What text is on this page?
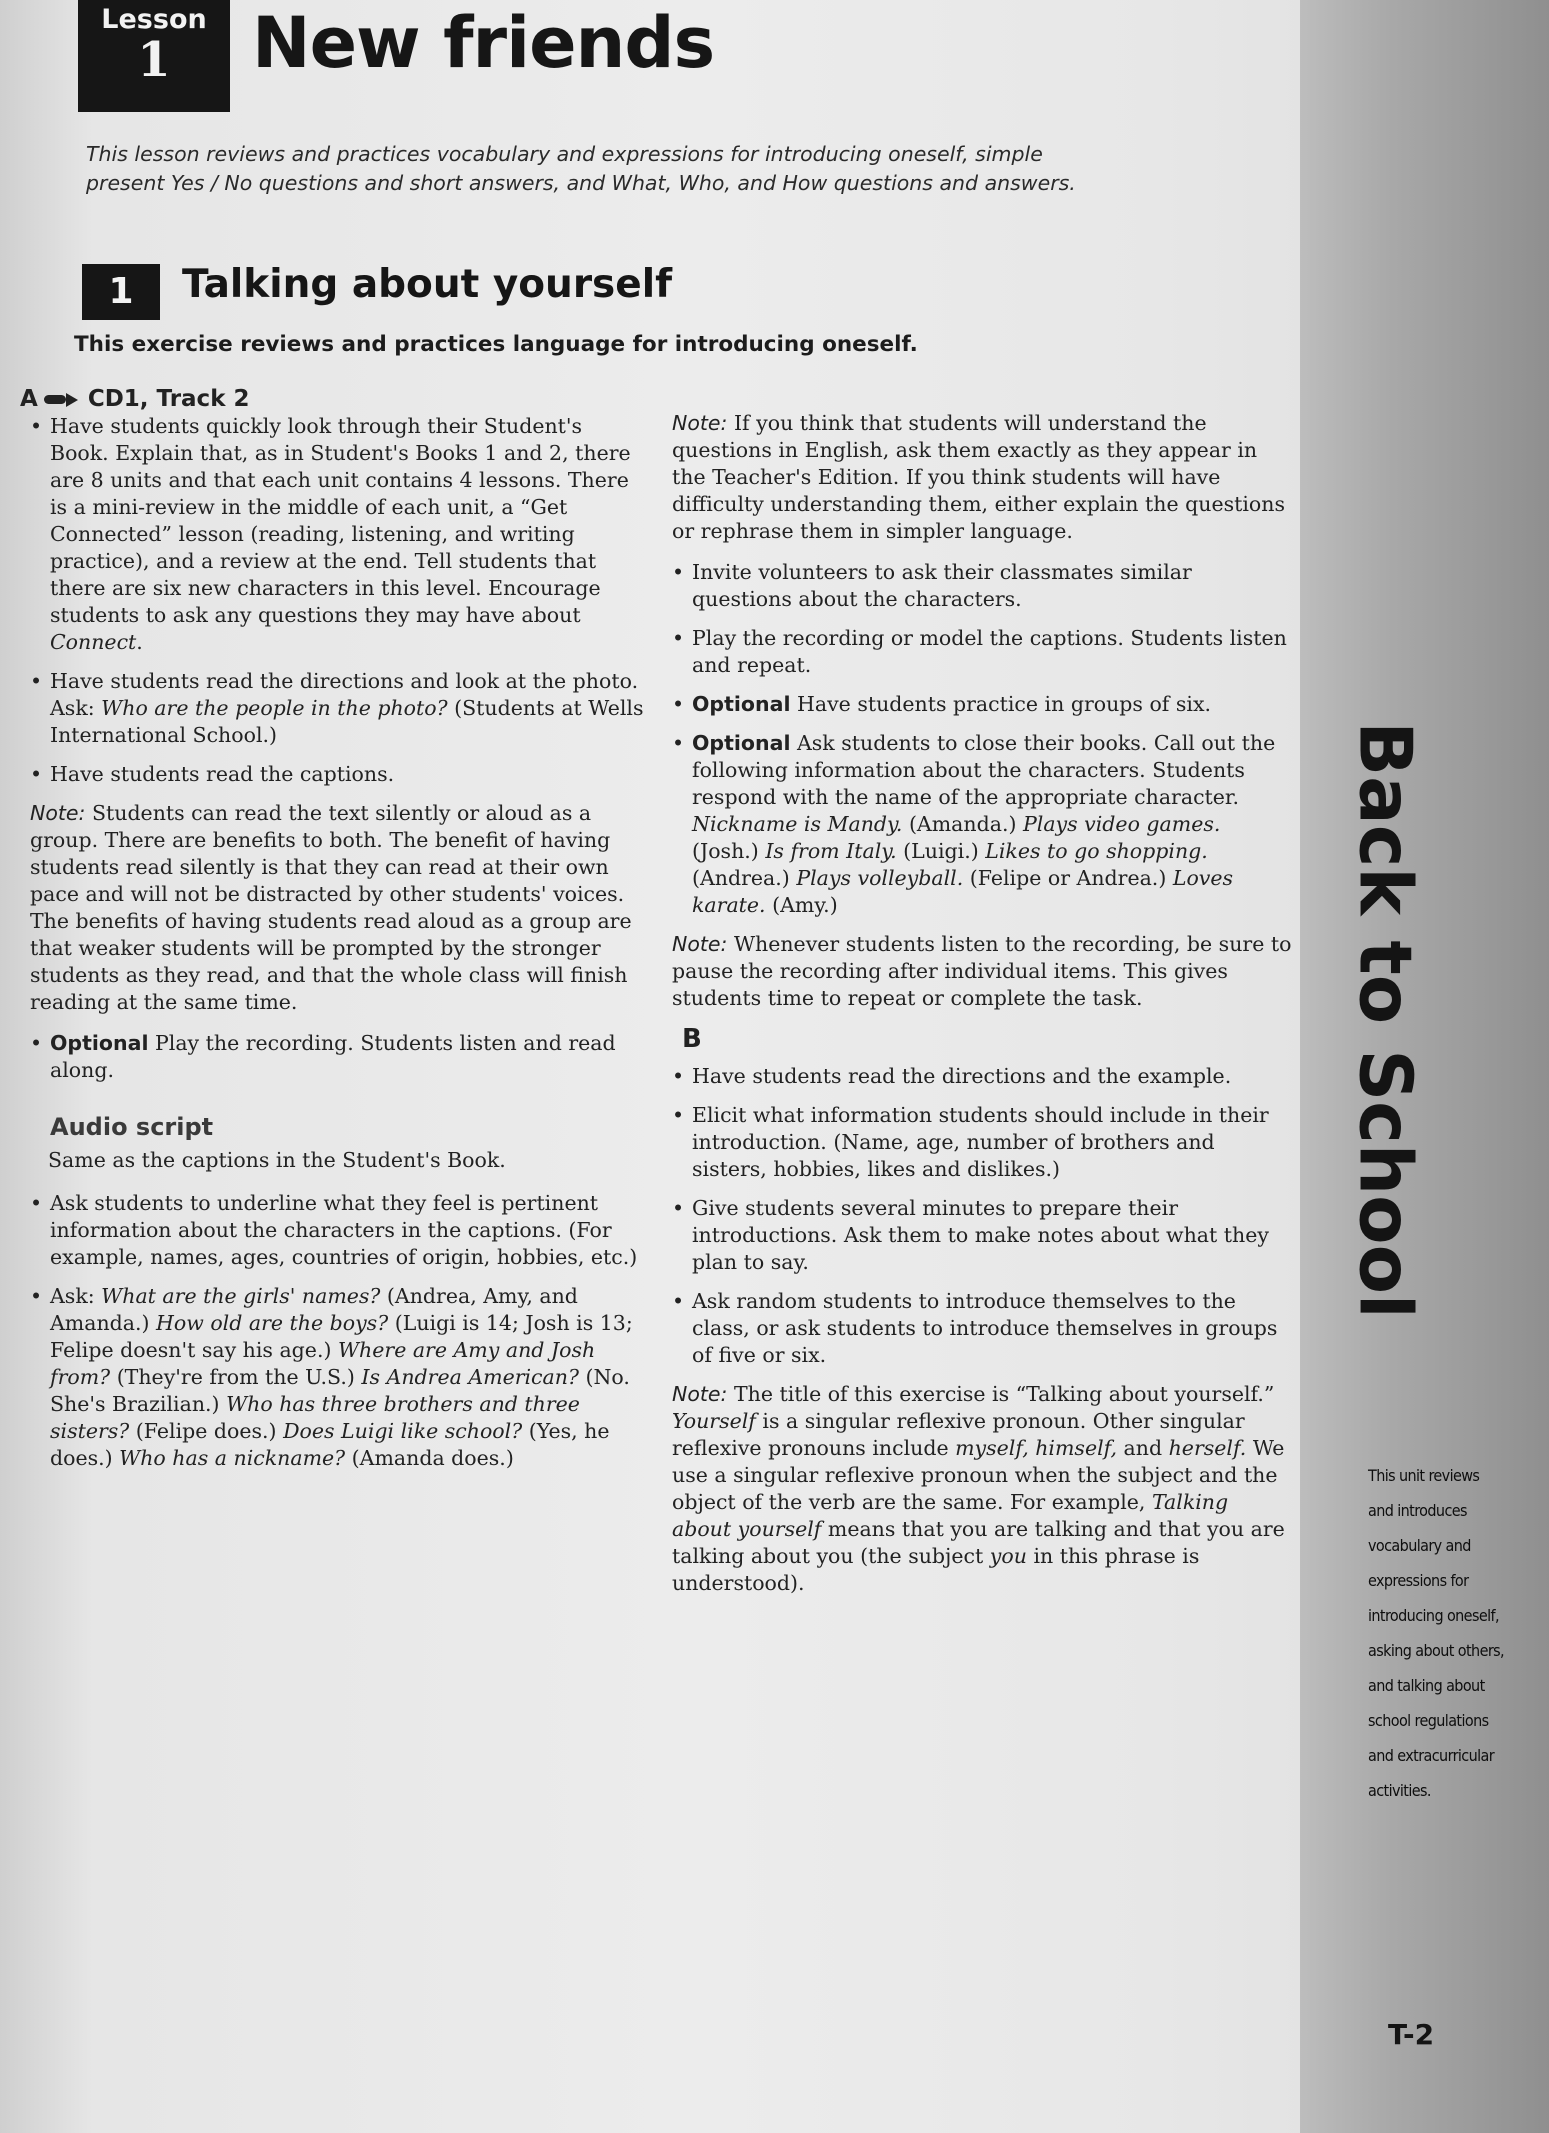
Lesson
1	New friends

This lesson reviews and practices vocabulary and expressions for introducing oneself, simple present Yes / No questions and short answers, and What, Who, and How questions and answers.

1	Talking about yourself

This exercise reviews and practices language for introducing oneself.

A CD1, Track 2

• Have students quickly look through their Student's Book. Explain that, as in Student's Books 1 and 2, there are 8 units and that each unit contains 4 lessons. There is a mini-review in the middle of each unit, a “Get Connected” lesson (reading, listening, and writing practice), and a review at the end. Tell students that there are six new characters in this level. Encourage students to ask any questions they may have about Connect.
• Have students read the directions and look at the photo. Ask: Who are the people in the photo? (Students at Wells International School.)
• Have students read the captions.

Note: Students can read the text silently or aloud as a group. There are benefits to both. The benefit of having students read silently is that they can read at their own pace and will not be distracted by other students' voices. The benefits of having students read aloud as a group are that weaker students will be prompted by the stronger students as they read, and that the whole class will finish reading at the same time.

• Optional Play the recording. Students listen and read along.

Audio script

Same as the captions in the Student's Book.

• Ask students to underline what they feel is pertinent information about the characters in the captions. (For example, names, ages, countries of origin, hobbies, etc.)
• Ask: What are the girls' names? (Andrea, Amy, and Amanda.) How old are the boys? (Luigi is 14; Josh is 13; Felipe doesn't say his age.) Where are Amy and Josh from? (They're from the U.S.) Is Andrea American? (No. She's Brazilian.) Who has three brothers and three sisters? (Felipe does.) Does Luigi like school? (Yes, he does.) Who has a nickname? (Amanda does.)

Note: If you think that students will understand the questions in English, ask them exactly as they appear in the Teacher's Edition. If you think students will have difficulty understanding them, either explain the questions or rephrase them in simpler language.

• Invite volunteers to ask their classmates similar questions about the characters.
• Play the recording or model the captions. Students listen and repeat.
• Optional Have students practice in groups of six.
• Optional Ask students to close their books. Call out the following information about the characters. Students respond with the name of the appropriate character. Nickname is Mandy. (Amanda.) Plays video games. (Josh.) Is from Italy. (Luigi.) Likes to go shopping. (Andrea.) Plays volleyball. (Felipe or Andrea.) Loves karate. (Amy.)

Note: Whenever students listen to the recording, be sure to pause the recording after individual items. This gives students time to repeat or complete the task.

B

• Have students read the directions and the example.
• Elicit what information students should include in their introduction. (Name, age, number of brothers and sisters, hobbies, likes and dislikes.)
• Give students several minutes to prepare their introductions. Ask them to make notes about what they plan to say.
• Ask random students to introduce themselves to the class, or ask students to introduce themselves in groups of five or six.

Note: The title of this exercise is “Talking about yourself.” Yourself is a singular reflexive pronoun. Other singular reflexive pronouns include myself, himself, and herself. We use a singular reflexive pronoun when the subject and the object of the verb are the same. For example, Talking about yourself means that you are talking and that you are talking about you (the subject you in this phrase is understood).

Back to School

This unit reviews and introduces vocabulary and expressions for introducing oneself, asking about others, and talking about school regulations and extracurricular activities.

T-2
